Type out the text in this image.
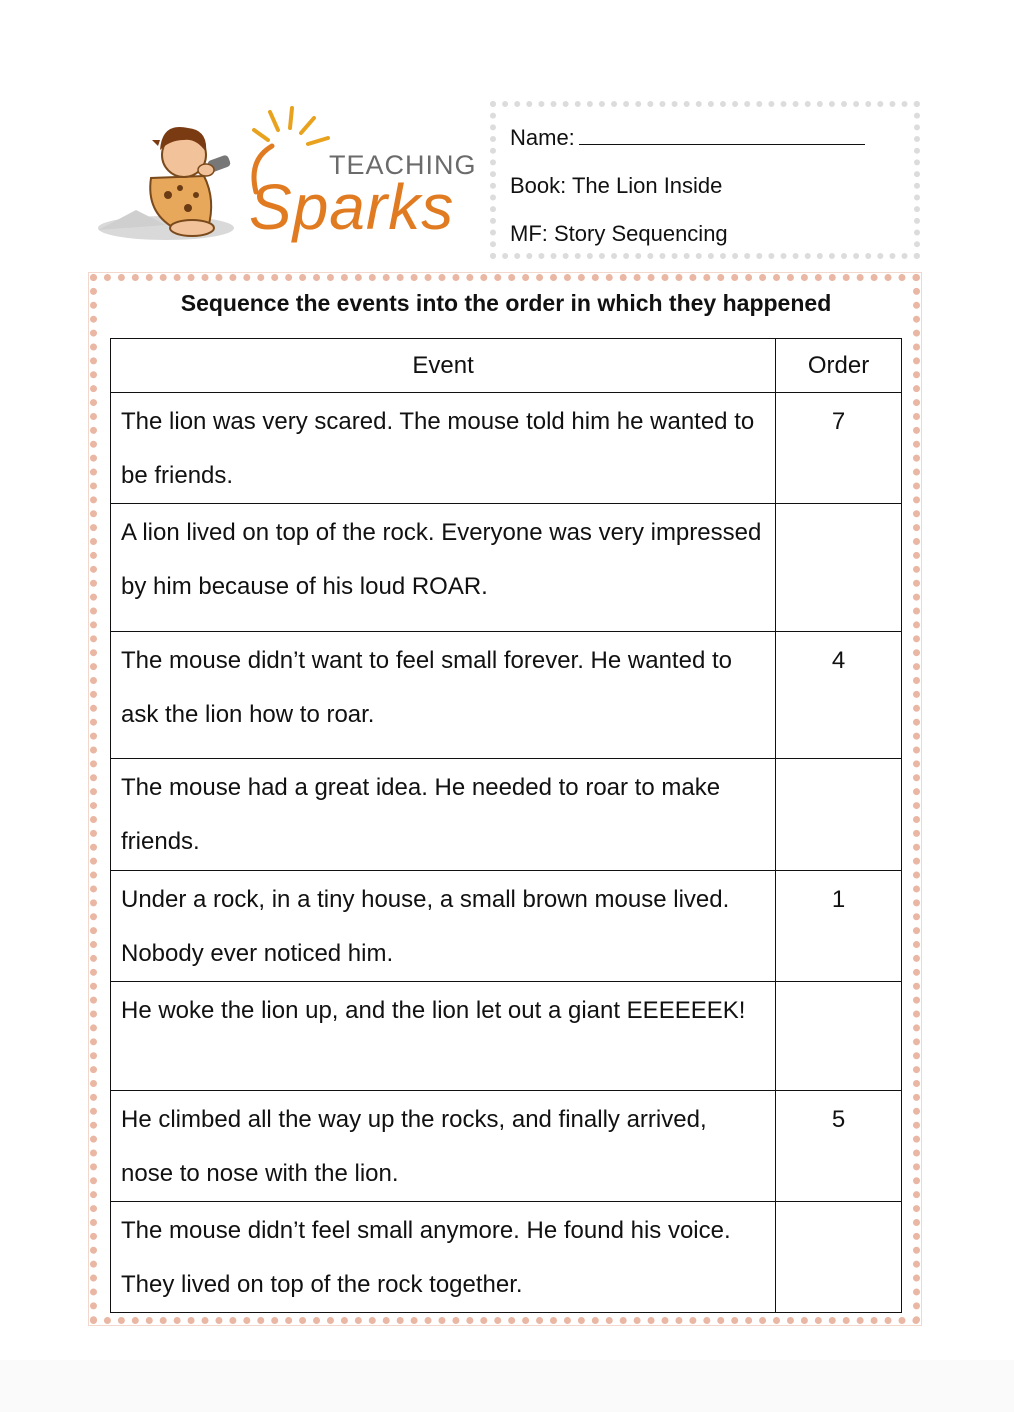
TEACHING
Sparks
Name:
Book: The Lion Inside
MF: Story Sequencing
Sequence the events into the order in which they happened
Event	Order
The lion was very scared. The mouse told him he wanted to be friends.	7
A lion lived on top of the rock. Everyone was very impressed by him because of his loud ROAR.	
The mouse didn’t want to feel small forever. He wanted to ask the lion how to roar.	4
The mouse had a great idea. He needed to roar to make friends.	
Under a rock, in a tiny house, a small brown mouse lived. Nobody ever noticed him.	1
He woke the lion up, and the lion let out a giant EEEEEEK!	
He climbed all the way up the rocks, and finally arrived, nose to nose with the lion.	5
The mouse didn’t feel small anymore. He found his voice. They lived on top of the rock together.	
